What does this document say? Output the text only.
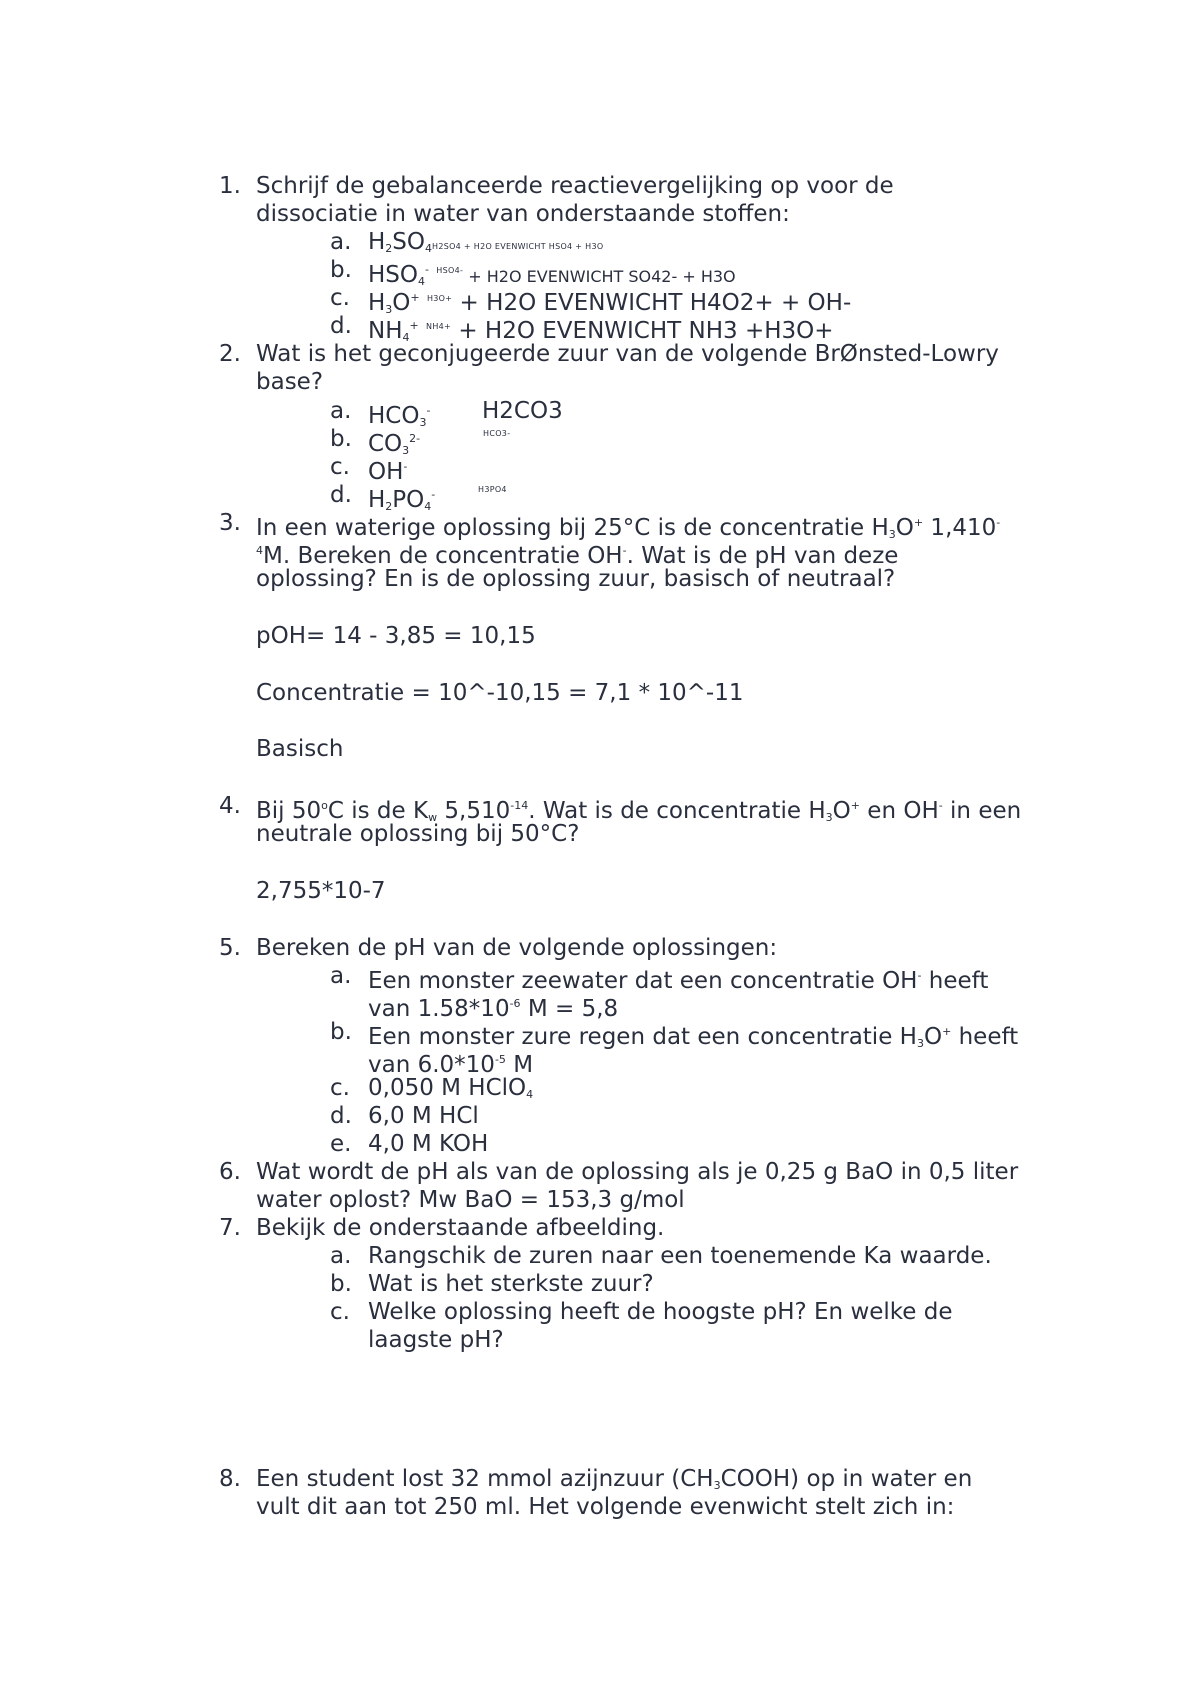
1. Schrijf de gebalanceerde reactievergelijking op voor de
dissociatie in water van onderstaande stoffen:
a. $H_2SO_4H2SO4 + H2O$ EVENWICHT HSO4 + H3O
b. $HSO_4^-$ $^{HSO4-}$ + H2O EVENWICHT SO42- + H3O
c. $H_3O^+$ $^{H3O+}$ + H2O EVENWICHT H4O2+ + OH-
d. $NH_4^+$ $^{NH4+}$ + H2O EVENWICHT NH3 +H3O+
2. Wat is het geconjugeerde zuur van de volgende BrØnsted-Lowry
base?
a. $HCO_3^-$ H2CO3
b. $CO_3^{2-}$	HCO3-
c. OH-
d. $H_2PO_4^-$	H3PO4
3. In een waterige oplossing bij 25°C is de concentratie $H_3O^+$ 1,410-
$^4$M. Bereken de concentratie OH-. Wat is de pH van deze
oplossing? En is de oplossing zuur, basisch of neutraal?
pOH= 14 - 3,85 = 10,15
Concentratie = 10^-10,15 = 7,1 * 10^-11
Basisch
4. Bij 50$^o$C is de $K_w$ $5,510^{-14}$. Wat is de concentratie $H_3O^+$ en OH- in een
neutrale oplossing bij 50°C?
2,755*10-7
5. Bereken de pH van de volgende oplossingen:
a. Een monster zeewater dat een concentratie OH- heeft
van $1.58*10^{-6}$ M = 5,8
b. Een monster zure regen dat een concentratie $H_3O^+$ heeft
van $6.0*10^{-5}$ M
c. 0,050 M HClO$_4$
d. 6,0 M HCl
e. 4,0 M KOH
6. Wat wordt de pH als van de oplossing als je 0,25 g BaO in 0,5 liter
water oplost? Mw BaO = 153,3 g/mol
7. Bekijk de onderstaande afbeelding.
a. Rangschik de zuren naar een toenemende Ka waarde.
b. Wat is het sterkste zuur?
c. Welke oplossing heeft de hoogste pH? En welke de
laagste pH?
8. Een student lost 32 mmol azijnzuur $(CH_3COOH)$ op in water en
vult dit aan tot 250 ml. Het volgende evenwicht stelt zich in:
